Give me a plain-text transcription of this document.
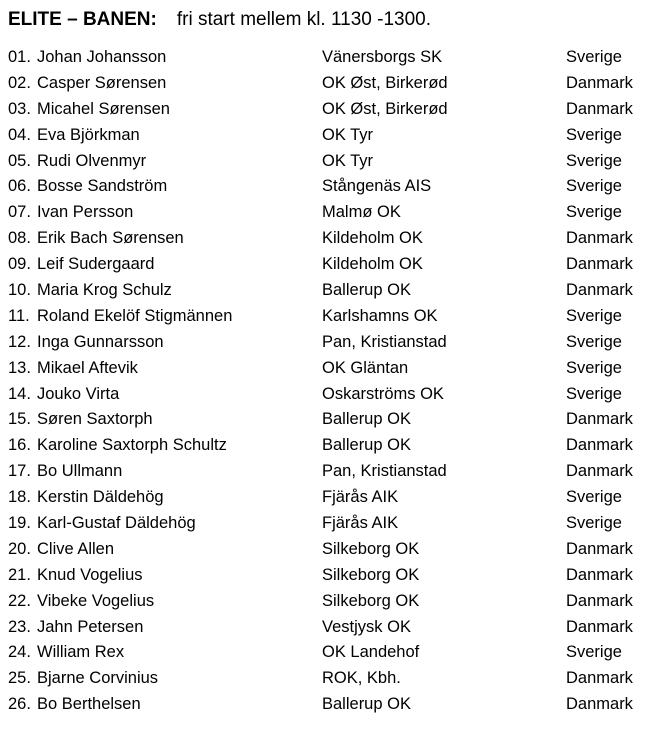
ELITE – BANEN: fri start mellem kl. 1130 -1300.
01. Johan Johansson	Vänersborgs SK	Sverige
02. Casper Sørensen	OK Øst, Birkerød	Danmark
03. Micahel Sørensen	OK Øst, Birkerød	Danmark
04. Eva Björkman	OK Tyr	Sverige
05. Rudi Olvenmyr	OK Tyr	Sverige
06. Bosse Sandström	Stångenäs AIS	Sverige
07. Ivan Persson	Malmø OK	Sverige
08. Erik Bach Sørensen	Kildeholm OK	Danmark
09. Leif Sudergaard	Kildeholm OK	Danmark
10. Maria Krog Schulz	Ballerup OK	Danmark
11. Roland Ekelöf Stigmännen	Karlshamns OK	Sverige
12. Inga Gunnarsson	Pan, Kristianstad	Sverige
13. Mikael Aftevik	OK Gläntan	Sverige
14. Jouko Virta	Oskarströms OK	Sverige
15. Søren Saxtorph	Ballerup OK	Danmark
16. Karoline Saxtorph Schultz	Ballerup OK	Danmark
17. Bo Ullmann	Pan, Kristianstad	Danmark
18. Kerstin Däldehög	Fjärås AIK	Sverige
19. Karl-Gustaf Däldehög	Fjärås AIK	Sverige
20. Clive Allen	Silkeborg OK	Danmark
21. Knud Vogelius	Silkeborg OK	Danmark
22. Vibeke Vogelius	Silkeborg OK	Danmark
23. Jahn Petersen	Vestjysk OK	Danmark
24. William Rex	OK Landehof	Sverige
25. Bjarne Corvinius	ROK, Kbh.	Danmark
26. Bo Berthelsen	Ballerup OK	Danmark
